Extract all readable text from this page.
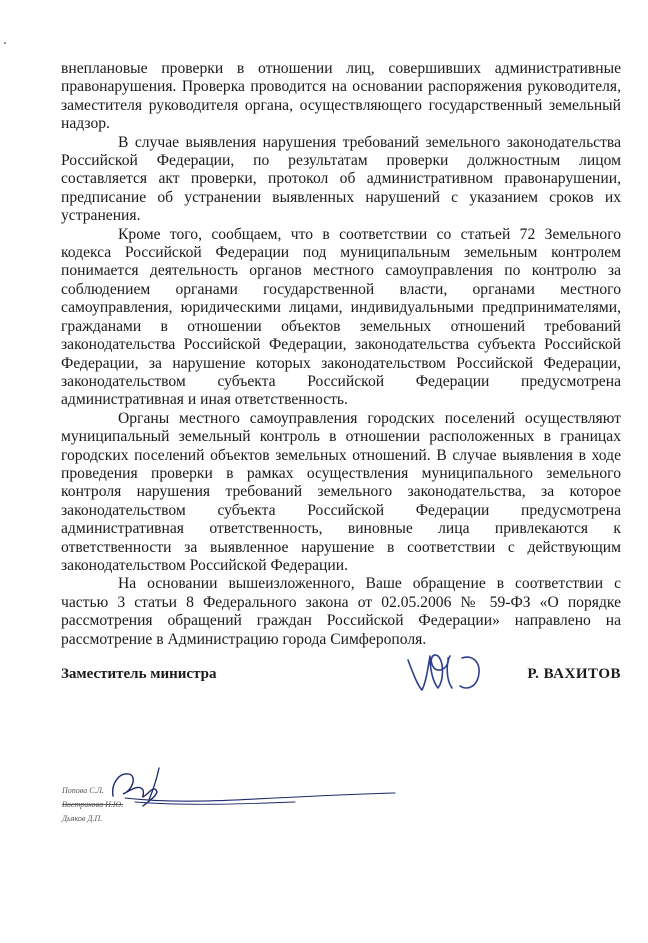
внеплановые проверки в отношении лиц, совершивших административные правонарушения. Проверка проводится на основании распоряжения руководителя, заместителя руководителя органа, осуществляющего государственный земельный надзор.

В случае выявления нарушения требований земельного законодательства Российской Федерации, по результатам проверки должностным лицом составляется акт проверки, протокол об административном правонарушении, предписание об устранении выявленных нарушений с указанием сроков их устранения.

Кроме того, сообщаем, что в соответствии со статьей 72 Земельного кодекса Российской Федерации под муниципальным земельным контролем понимается деятельность органов местного самоуправления по контролю за соблюдением органами государственной власти, органами местного самоуправления, юридическими лицами, индивидуальными предпринимателями, гражданами в отношении объектов земельных отношений требований законодательства Российской Федерации, законодательства субъекта Российской Федерации, за нарушение которых законодательством Российской Федерации, законодательством субъекта Российской Федерации предусмотрена административная и иная ответственность.

Органы местного самоуправления городских поселений осуществляют муниципальный земельный контроль в отношении расположенных в границах городских поселений объектов земельных отношений. В случае выявления в ходе проведения проверки в рамках осуществления муниципального земельного контроля нарушения требований земельного законодательства, за которое законодательством субъекта Российской Федерации предусмотрена административная ответственность, виновные лица привлекаются к ответственности за выявленное нарушение в соответствии с действующим законодательством Российской Федерации.

На основании вышеизложенного, Ваше обращение в соответствии с частью 3 статьи 8 Федерального закона от 02.05.2006 № 59-ФЗ «О порядке рассмотрения обращений граждан Российской Федерации» направлено на рассмотрение в Администрацию города Симферополя.

Заместитель министра	Р. ВАХИТОВ
Попова С.Л.
Вострикова Н.Ю.
Дьяков Д.П.
